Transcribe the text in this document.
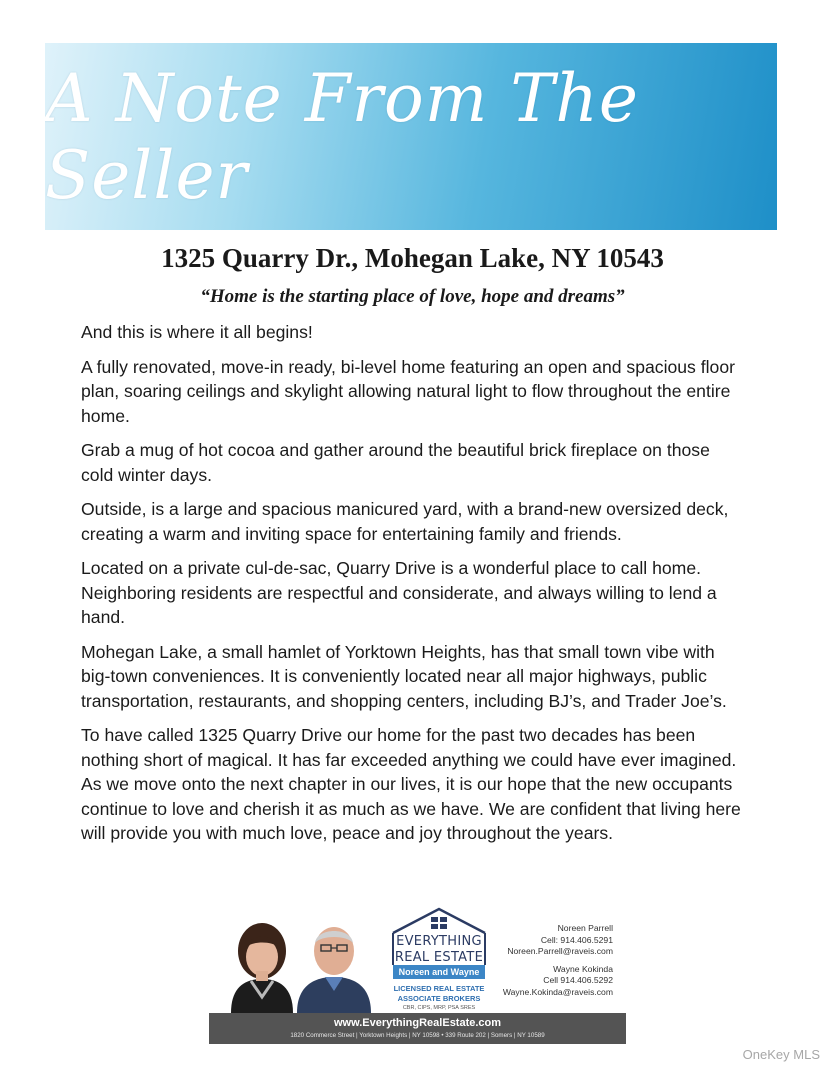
A Note From The Seller
1325 Quarry Dr., Mohegan Lake, NY 10543
“Home is the starting place of love, hope and dreams”

And this is where it all begins!

A fully renovated, move-in ready, bi-level home featuring an open and spacious floor plan, soaring ceilings and skylight allowing natural light to flow throughout the entire home.

Grab a mug of hot cocoa and gather around the beautiful brick fireplace on those cold winter days.

Outside, is a large and spacious manicured yard, with a brand-new oversized deck, creating a warm and inviting space for entertaining family and friends.

Located on a private cul-de-sac, Quarry Drive is a wonderful place to call home. Neighboring residents are respectful and considerate, and always willing to lend a hand.

Mohegan Lake, a small hamlet of Yorktown Heights, has that small town vibe with big-town conveniences. It is conveniently located near all major highways, public transportation, restaurants, and shopping centers, including BJ’s, and Trader Joe’s.

To have called 1325 Quarry Drive our home for the past two decades has been nothing short of magical. It has far exceeded anything we could have ever imagined. As we move onto the next chapter in our lives, it is our hope that the new occupants continue to love and cherish it as much as we have. We are confident that living here will provide you with much love, peace and joy throughout the years.

EVERYTHING
REAL ESTATE
Noreen and Wayne
LICENSED REAL ESTATE
ASSOCIATE BROKERS
CBR, CIPS, MRP, PSA SRES
Noreen Parrell
Cell: 914.406.5291
Noreen.Parrell@raveis.com
Wayne Kokinda
Cell 914.406.5292
Wayne.Kokinda@raveis.com
www.EverythingRealEstate.com
1820 Commerce Street | Yorktown Heights | NY 10598 • 339 Route 202 | Somers | NY 10589
OneKey MLS
